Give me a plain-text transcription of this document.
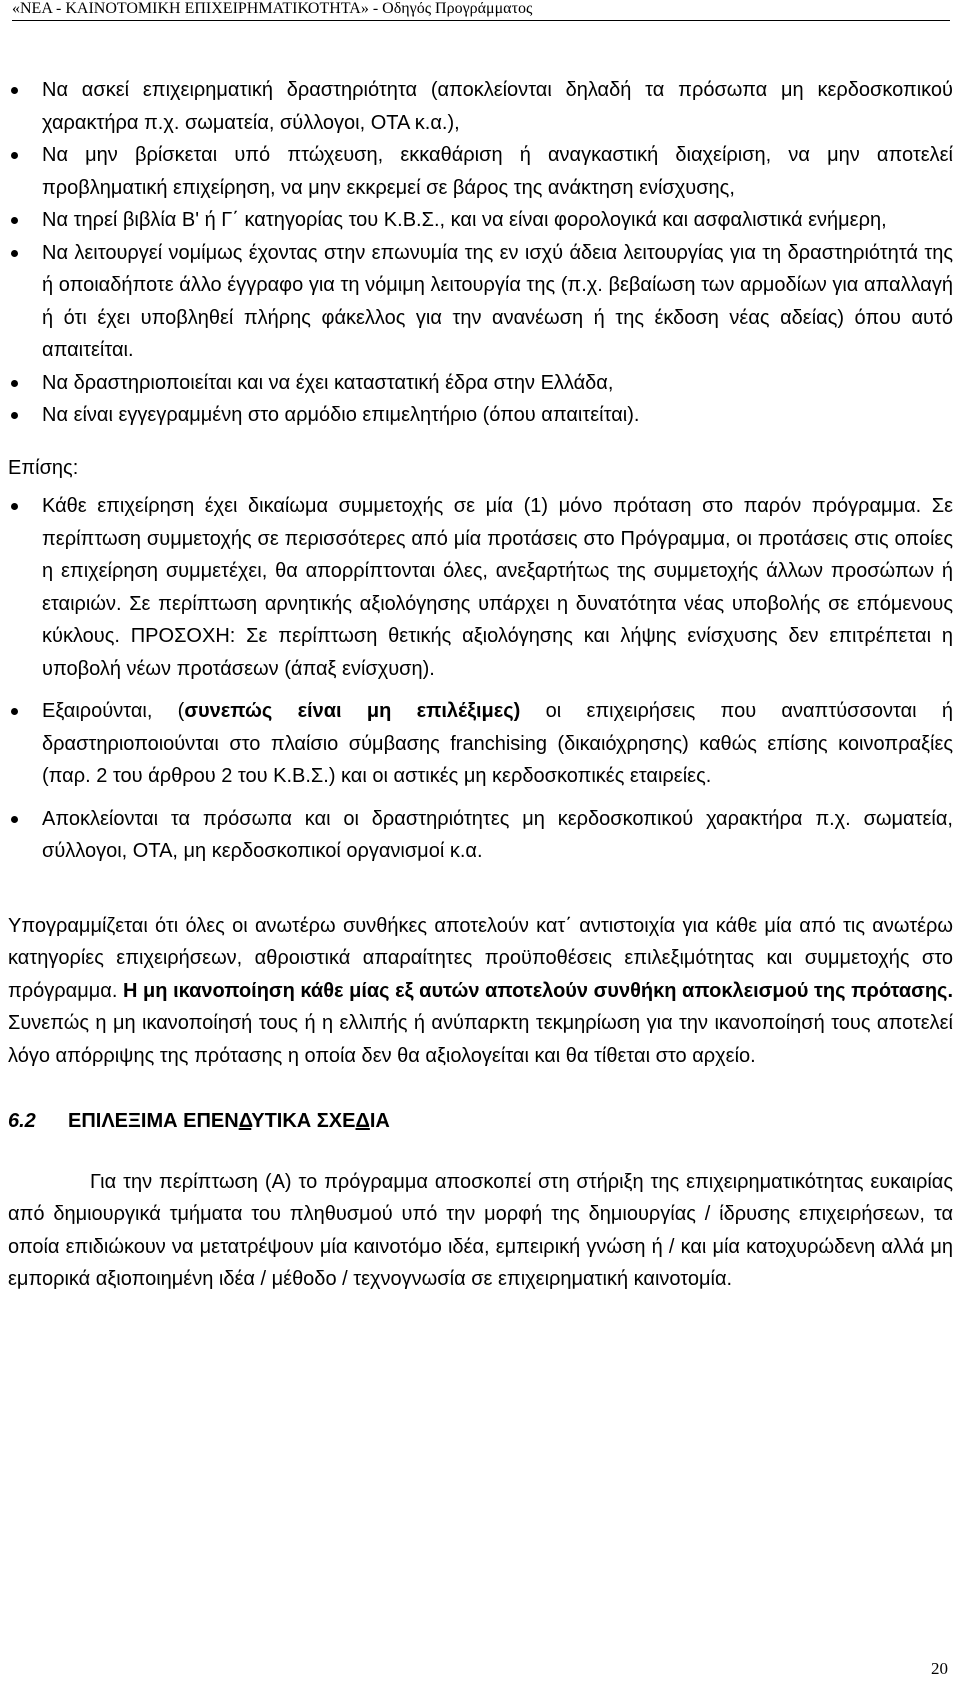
«ΝΕΑ - ΚΑΙΝΟΤΟΜΙΚΗ ΕΠΙΧΕΙΡΗΜΑΤΙΚΟΤΗΤΑ» - Οδηγός Προγράμματος

Να ασκεί επιχειρηματική δραστηριότητα (αποκλείονται δηλαδή τα πρόσωπα μη κερδοσκοπικού χαρακτήρα π.χ. σωματεία, σύλλογοι, ΟΤΑ κ.α.),

Να μην βρίσκεται υπό πτώχευση, εκκαθάριση ή αναγκαστική διαχείριση, να μην αποτελεί προβληματική επιχείρηση, να μην εκκρεμεί σε βάρος της ανάκτηση ενίσχυσης,

Να τηρεί βιβλία Β' ή Γ΄ κατηγορίας του Κ.Β.Σ., και να είναι φορολογικά και ασφαλιστικά ενήμερη,

Να λειτουργεί νομίμως έχοντας στην επωνυμία της εν ισχύ άδεια λειτουργίας για τη δραστηριότητά της ή οποιαδήποτε άλλο έγγραφο για τη νόμιμη λειτουργία της (π.χ. βεβαίωση των αρμοδίων για απαλλαγή ή ότι έχει υποβληθεί πλήρης φάκελλος για την ανανέωση ή της έκδοση νέας αδείας) όπου αυτό απαιτείται.

Να δραστηριοποιείται και να έχει καταστατική έδρα στην Ελλάδα,

Να είναι εγγεγραμμένη στο αρμόδιο επιμελητήριο (όπου απαιτείται).

Επίσης:

Κάθε επιχείρηση έχει δικαίωμα συμμετοχής σε μία (1) μόνο πρόταση στο παρόν πρόγραμμα. Σε περίπτωση συμμετοχής σε περισσότερες από μία προτάσεις στο Πρόγραμμα, οι προτάσεις στις οποίες η επιχείρηση συμμετέχει, θα απορρίπτονται όλες, ανεξαρτήτως της συμμετοχής άλλων προσώπων ή εταιριών. Σε περίπτωση αρνητικής αξιολόγησης υπάρχει η δυνατότητα νέας υποβολής σε επόμενους κύκλους. ΠΡΟΣΟΧΗ: Σε περίπτωση θετικής αξιολόγησης και λήψης ενίσχυσης δεν επιτρέπεται η υποβολή νέων προτάσεων (άπαξ ενίσχυση).

Εξαιρούνται, (συνεπώς είναι μη επιλέξιμες) οι επιχειρήσεις που αναπτύσσονται ή δραστηριοποιούνται στο πλαίσιο σύμβασης franchising (δικαιόχρησης) καθώς επίσης κοινοπραξίες (παρ. 2 του άρθρου 2 του Κ.Β.Σ.) και οι αστικές μη κερδοσκοπικές εταιρείες.

Αποκλείονται τα πρόσωπα και οι δραστηριότητες μη κερδοσκοπικού χαρακτήρα π.χ. σωματεία, σύλλογοι, ΟΤΑ, μη κερδοσκοπικοί οργανισμοί κ.α.

Υπογραμμίζεται ότι όλες οι ανωτέρω συνθήκες αποτελούν κατ΄ αντιστοιχία για κάθε μία από τις ανωτέρω κατηγορίες επιχειρήσεων, αθροιστικά απαραίτητες προϋποθέσεις επιλεξιμότητας και συμμετοχής στο πρόγραμμα. Η μη ικανοποίηση κάθε μίας εξ αυτών αποτελούν συνθήκη αποκλεισμού της πρότασης. Συνεπώς η μη ικανοποίησή τους ή η ελλιπής ή ανύπαρκτη τεκμηρίωση για την ικανοποίησή τους αποτελεί λόγο απόρριψης της πρότασης η οποία δεν θα αξιολογείται και θα τίθεται στο αρχείο.

6.2 ΕΠΙΛΕΞΙΜΑ ΕΠΕΝΔΥΤΙΚΑ ΣΧΕΔΙΑ

Για την περίπτωση (Α) το πρόγραμμα αποσκοπεί στη στήριξη της επιχειρηματικότητας ευκαιρίας από δημιουργικά τμήματα του πληθυσμού υπό την μορφή της δημιουργίας / ίδρυσης επιχειρήσεων, τα οποία επιδιώκουν να μετατρέψουν μία καινοτόμο ιδέα, εμπειρική γνώση ή / και μία κατοχυρώδενη αλλά μη εμπορικά αξιοποιημένη ιδέα / μέθοδο / τεχνογνωσία σε επιχειρηματική καινοτομία.

20
